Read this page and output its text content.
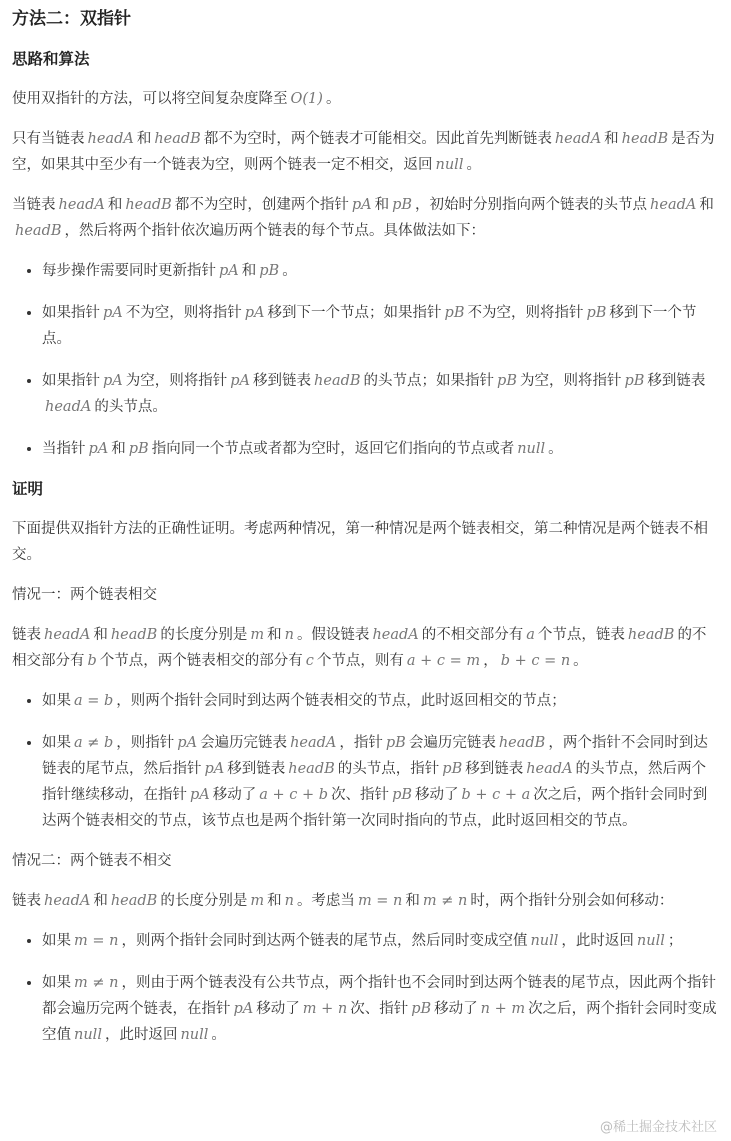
方法二：双指针
思路和算法

使用双指针的方法，可以将空间复杂度降至 O(1) 。

只有当链表 headA 和 headB 都不为空时，两个链表才可能相交。因此首先判断链表 headA 和 headB 是否为空，如果其中至少有一个链表为空，则两个链表一定不相交，返回 null 。

当链表 headA 和 headB 都不为空时，创建两个指针 pA 和 pB ，初始时分别指向两个链表的头节点 headA 和headB ，然后将两个指针依次遍历两个链表的每个节点。具体做法如下：

• 每步操作需要同时更新指针 pA 和 pB 。
• 如果指针 pA 不为空，则将指针 pA 移到下一个节点；如果指针 pB 不为空，则将指针 pB 移到下一个节点。
• 如果指针 pA 为空，则将指针 pA 移到链表 headB 的头节点；如果指针 pB 为空，则将指针 pB 移到链表headA 的头节点。
• 当指针 pA 和 pB 指向同一个节点或者都为空时，返回它们指向的节点或者 null 。
证明

下面提供双指针方法的正确性证明。考虑两种情况，第一种情况是两个链表相交，第二种情况是两个链表不相交。

情况一：两个链表相交

链表 headA 和 headB 的长度分别是 m 和 n 。假设链表 headA 的不相交部分有 a 个节点，链表 headB 的不相交部分有 b 个节点，两个链表相交的部分有 c 个节点，则有 a + c = m ， b + c = n 。

• 如果 a = b ，则两个指针会同时到达两个链表相交的节点，此时返回相交的节点；
• 如果 a ≠ b ，则指针 pA 会遍历完链表 headA ，指针 pB 会遍历完链表 headB ，两个指针不会同时到达链表的尾节点，然后指针 pA 移到链表 headB 的头节点，指针 pB 移到链表 headA 的头节点，然后两个指针继续移动，在指针 pA 移动了 a + c + b 次、指针 pB 移动了 b + c + a 次之后，两个指针会同时到达两个链表相交的节点，该节点也是两个指针第一次同时指向的节点，此时返回相交的节点。

情况二：两个链表不相交

链表 headA 和 headB 的长度分别是 m 和 n 。考虑当 m = n 和 m ≠ n 时，两个指针分别会如何移动：

• 如果 m = n ，则两个指针会同时到达两个链表的尾节点，然后同时变成空值 null ，此时返回 null ；
• 如果 m ≠ n ，则由于两个链表没有公共节点，两个指针也不会同时到达两个链表的尾节点，因此两个指针都会遍历完两个链表，在指针 pA 移动了 m + n 次、指针 pB 移动了 n + m 次之后，两个指针会同时变成空值 null ，此时返回 null 。
@稀土掘金技术社区
